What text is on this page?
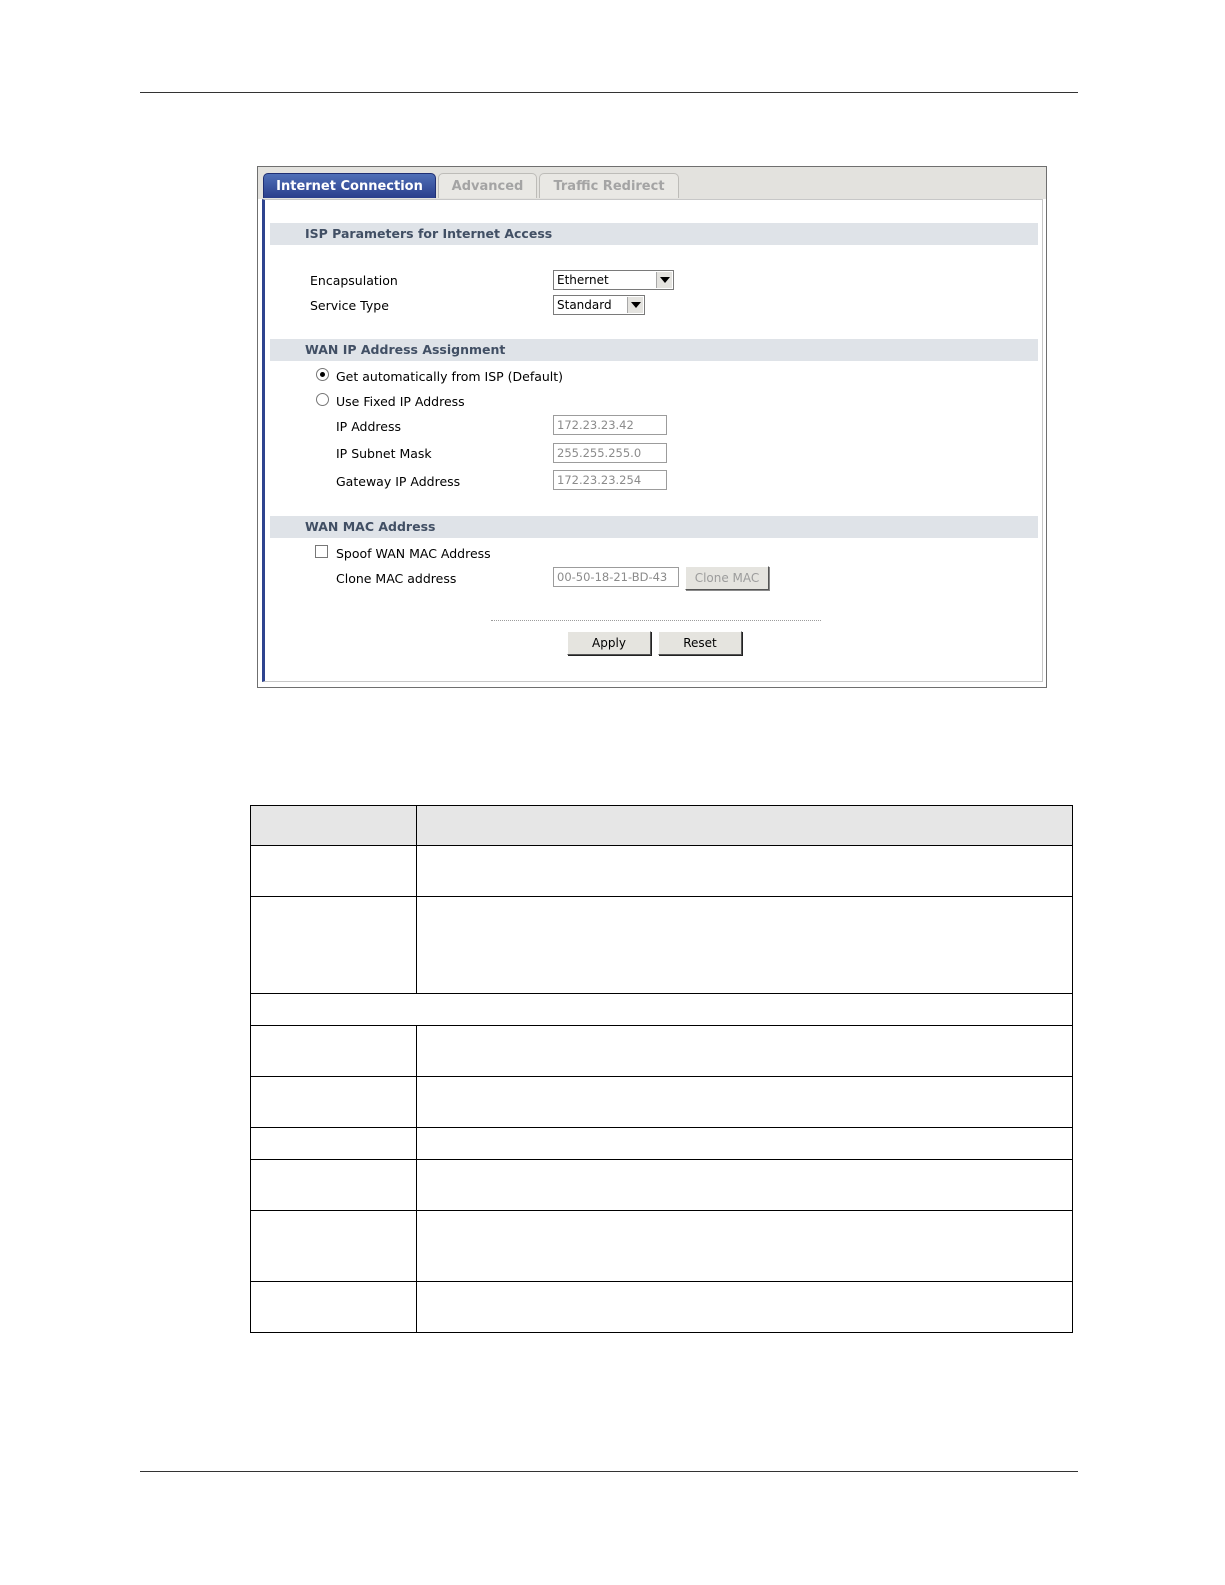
Internet Connection	Advanced	Traffic Redirect
ISP Parameters for Internet Access
Encapsulation	Ethernet
Service Type	Standard
WAN IP Address Assignment
Get automatically from ISP (Default)
Use Fixed IP Address
IP Address	172.23.23.42
IP Subnet Mask	255.255.255.0
Gateway IP Address	172.23.23.254
WAN MAC Address
Spoof WAN MAC Address
Clone MAC address	00-50-18-21-BD-43	Clone MAC
Apply	Reset
